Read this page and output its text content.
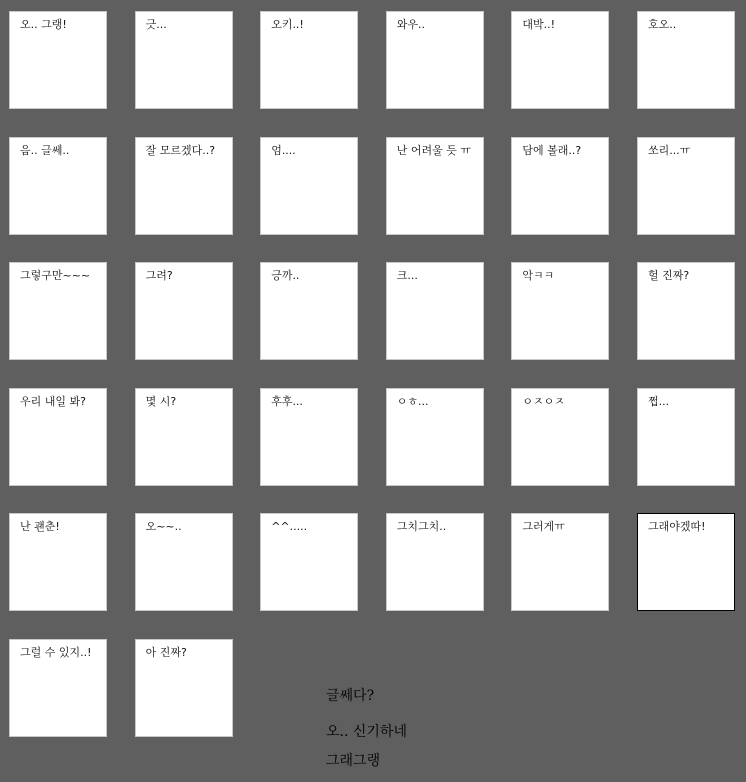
오.. 그랭!	긋...	오키..!	와우..	대박..!	호오..
음.. 글쎄..	잘 모르겠다..?	엄....	난 어려울 듯 ㅠ	담에 볼래..?	쏘리...ㅠ
그렇구만~~~	그려?	긍까..	크...	악ㅋㅋ	헐 진짜?
우리 내일 봐?	몇 시?	후후...	ㅇㅎ...	ㅇㅈㅇㅈ	쩝...
난 괜춘!	오~~..	^^.....	그치그치..	그러게ㅠ	그래야겠따!
그럴 수 있지..!	아 진짜?
글쎄다?
오.. 신기하네
그래그랭
